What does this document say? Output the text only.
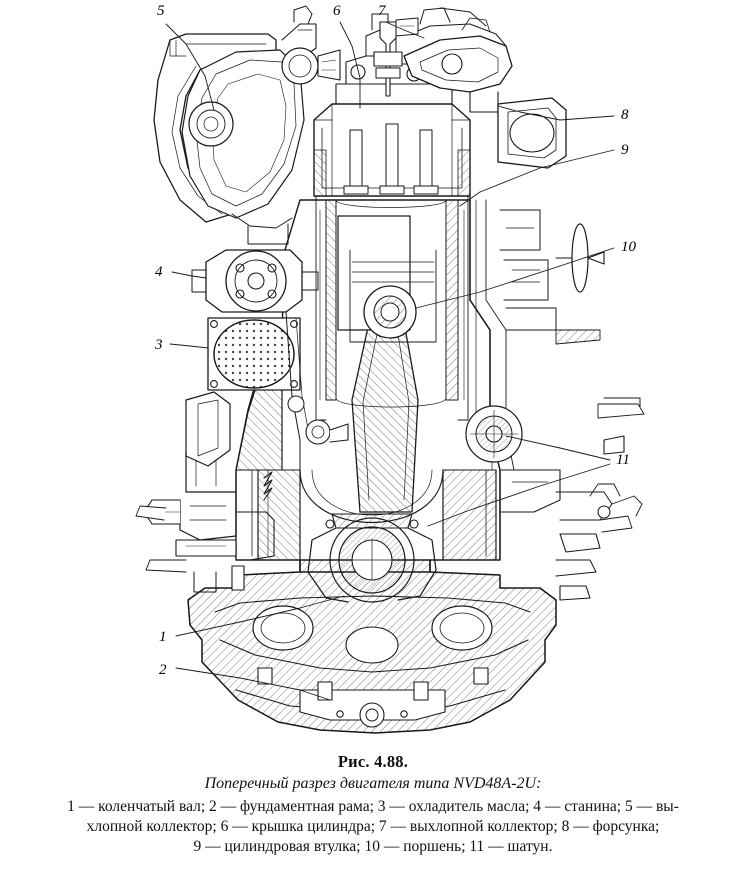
5	6	7
8
9
10
4
3
11
1
2

Рис. 4.88.

Поперечный разрез двигателя типа NVD48A-2U:

1 — коленчатый вал; 2 — фундаментная рама; 3 — охладитель масла; 4 — станина; 5 — вы-
хлопной коллектор; 6 — крышка цилиндра; 7 — выхлопной коллектор; 8 — форсунка;
9 — цилиндровая втулка; 10 — поршень; 11 — шатун.
